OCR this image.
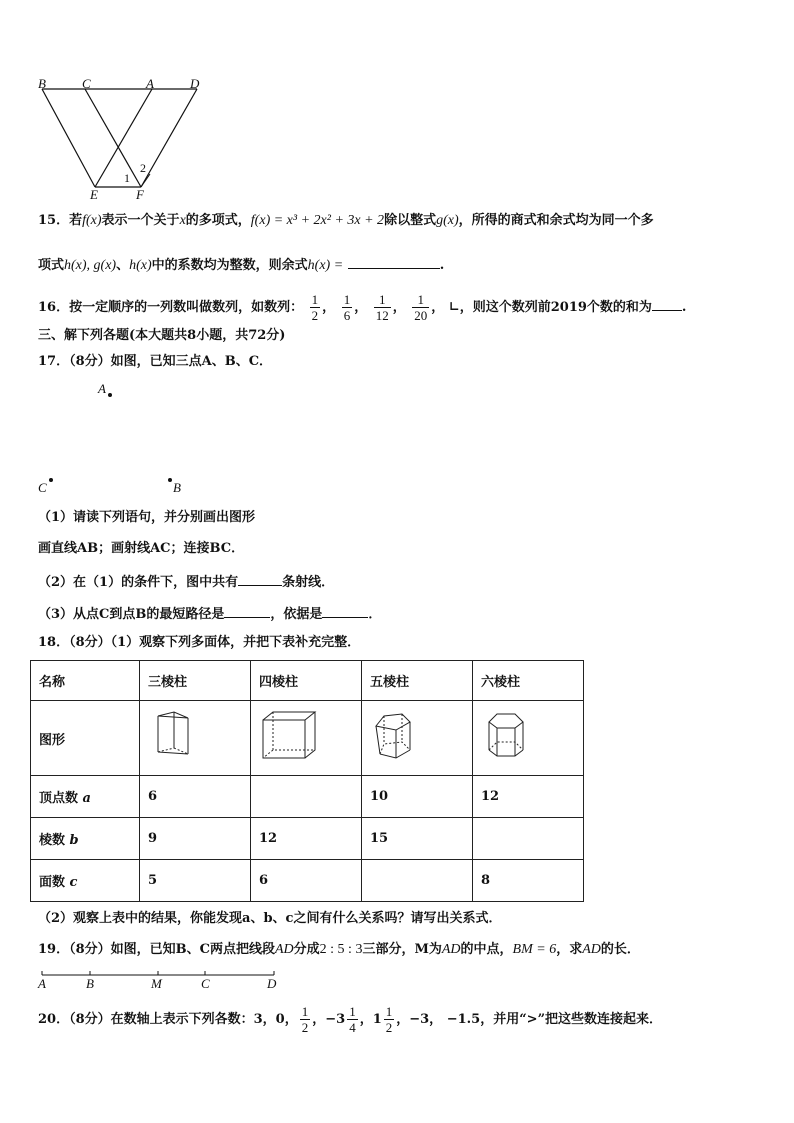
B	C	A	D
E	F
1
2
15．若f(x)表示一个关于x的多项式，f(x) = x³ + 2x² + 3x + 2除以整式g(x)，所得的商式和余式均为同一个多
项式h(x), g(x)、h(x)中的系数均为整数，则余式h(x) =	.
16．按一定顺序的一列数叫做数列，如数列： $\frac{1}{2}$ ， $\frac{1}{6}$ ， $\frac{1}{12}$ ， $\frac{1}{20}$ ， ∟，则这个数列前2019个数的和为 .
三、解下列各题(本大题共8小题，共72分)
17．（8分）如图，已知三点A、B、C．
A
C	B
（1）请读下列语句，并分别画出图形
画直线AB；画射线AC；连接BC．
（2）在（1）的条件下，图中共有	条射线．
（3）从点C到点B的最短路径是	，依据是	．
18．（8分）（1）观察下列多面体，并把下表补充完整．
名称	三棱柱	四棱柱	五棱柱	六棱柱
图形				
顶点数 a	6		10	12
棱数 b	9	12	15	
面数 c	5	6		8
（2）观察上表中的结果，你能发现a、b、c之间有什么关系吗？请写出关系式．
19．（8分）如图，已知B、C两点把线段AD分成2 : 5 : 3三部分，M为AD的中点，BM = 6，求AD的长．
A	B	M	C	D
20．（8分）在数轴上表示下列各数：3，0， $\frac{1}{2}$ ，$-3 \frac{1}{4}$ ，$1 \frac{1}{2}$ ，−3， −1.5，并用“>”把这些数连接起来．
